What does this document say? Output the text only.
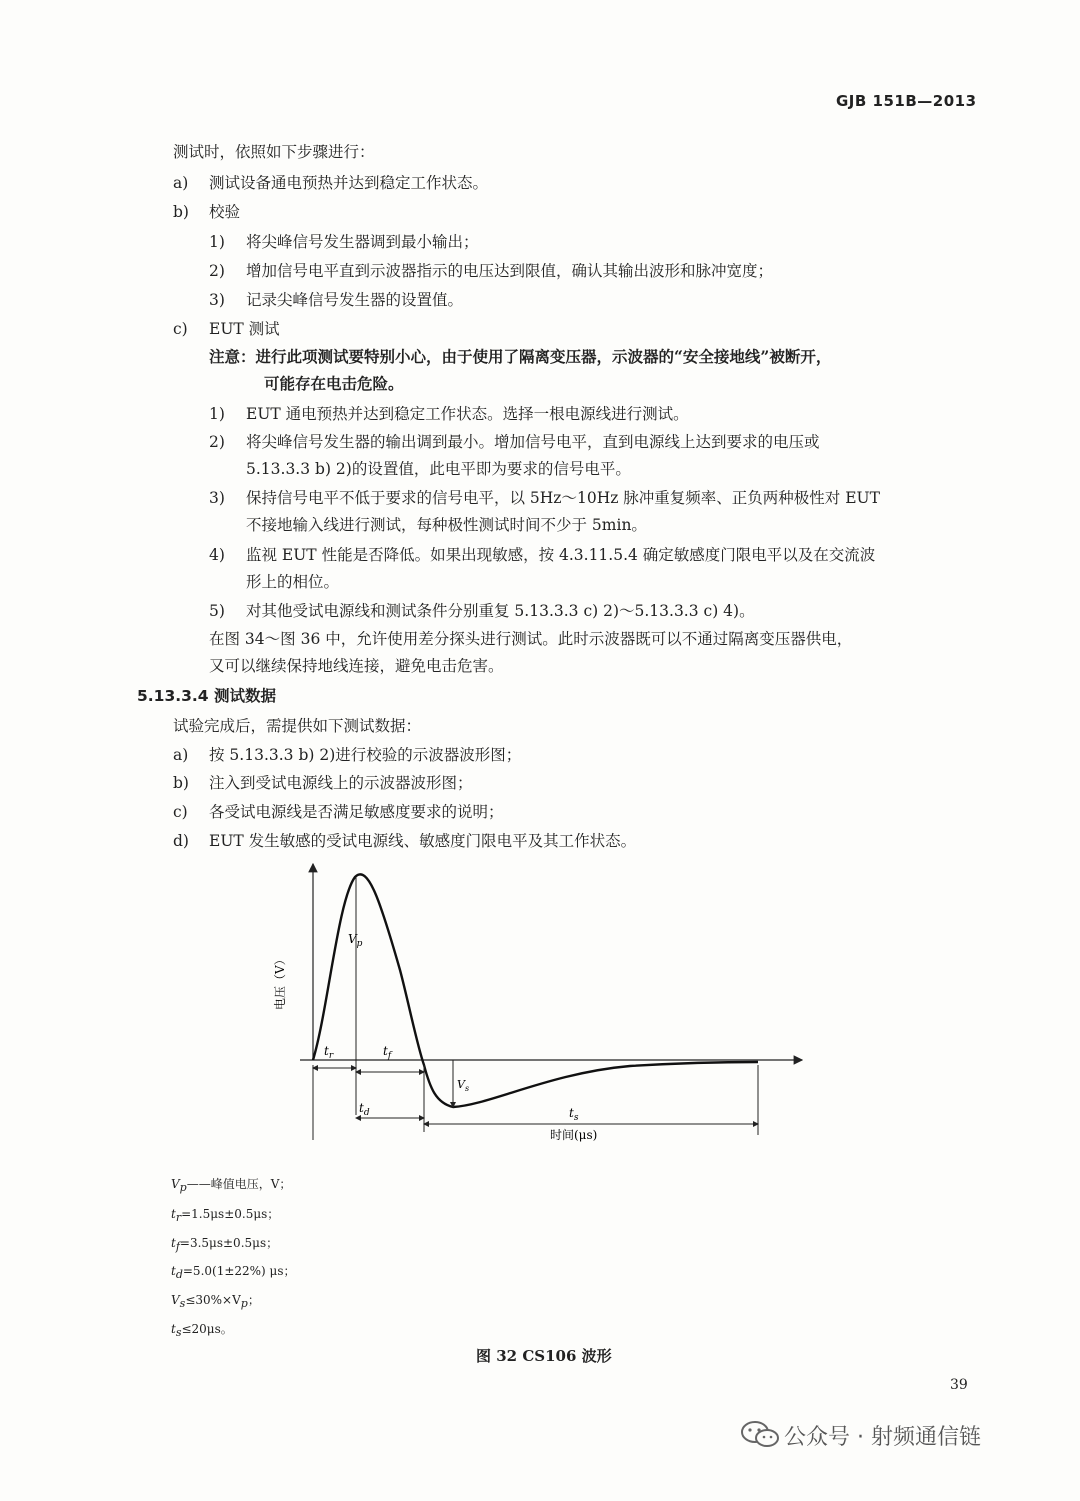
GJB 151B—2013
测试时，依照如下步骤进行：
a) 测试设备通电预热并达到稳定工作状态。
b) 校验
1) 将尖峰信号发生器调到最小输出；
2) 增加信号电平直到示波器指示的电压达到限值，确认其输出波形和脉冲宽度；
3) 记录尖峰信号发生器的设置值。
c) EUT 测试
注意：进行此项测试要特别小心，由于使用了隔离变压器，示波器的“安全接地线”被断开，
可能存在电击危险。
1) EUT 通电预热并达到稳定工作状态。选择一根电源线进行测试。
2) 将尖峰信号发生器的输出调到最小。增加信号电平，直到电源线上达到要求的电压或
5.13.3.3 b) 2)的设置值，此电平即为要求的信号电平。
3) 保持信号电平不低于要求的信号电平，以 5Hz～10Hz 脉冲重复频率、正负两种极性对 EUT
不接地输入线进行测试，每种极性测试时间不少于 5min。
4) 监视 EUT 性能是否降低。如果出现敏感，按 4.3.11.5.4 确定敏感度门限电平以及在交流波
形上的相位。
5) 对其他受试电源线和测试条件分别重复 5.13.3.3 c) 2)～5.13.3.3 c) 4)。
在图 34～图 36 中，允许使用差分探头进行测试。此时示波器既可以不通过隔离变压器供电，
又可以继续保持地线连接，避免电击危害。
5.13.3.4 测试数据
试验完成后，需提供如下测试数据：
a) 按 5.13.3.3 b) 2)进行校验的示波器波形图；
b) 注入到受试电源线上的示波器波形图；
c) 各受试电源线是否满足敏感度要求的说明；
d) EUT 发生敏感的受试电源线、敏感度门限电平及其工作状态。
$V_p$
$t_r$	$t_f$
$V_s$
$t_d$	$t_s$
时间(μs)
电压（V）
Vp——峰值电压，V；
tr=1.5μs±0.5μs；
tf=3.5μs±0.5μs；
td=5.0(1±22%) μs；
Vs≤30%×Vp；
ts≤20μs。
图 32 CS106 波形
39
公众号 · 射频通信链
